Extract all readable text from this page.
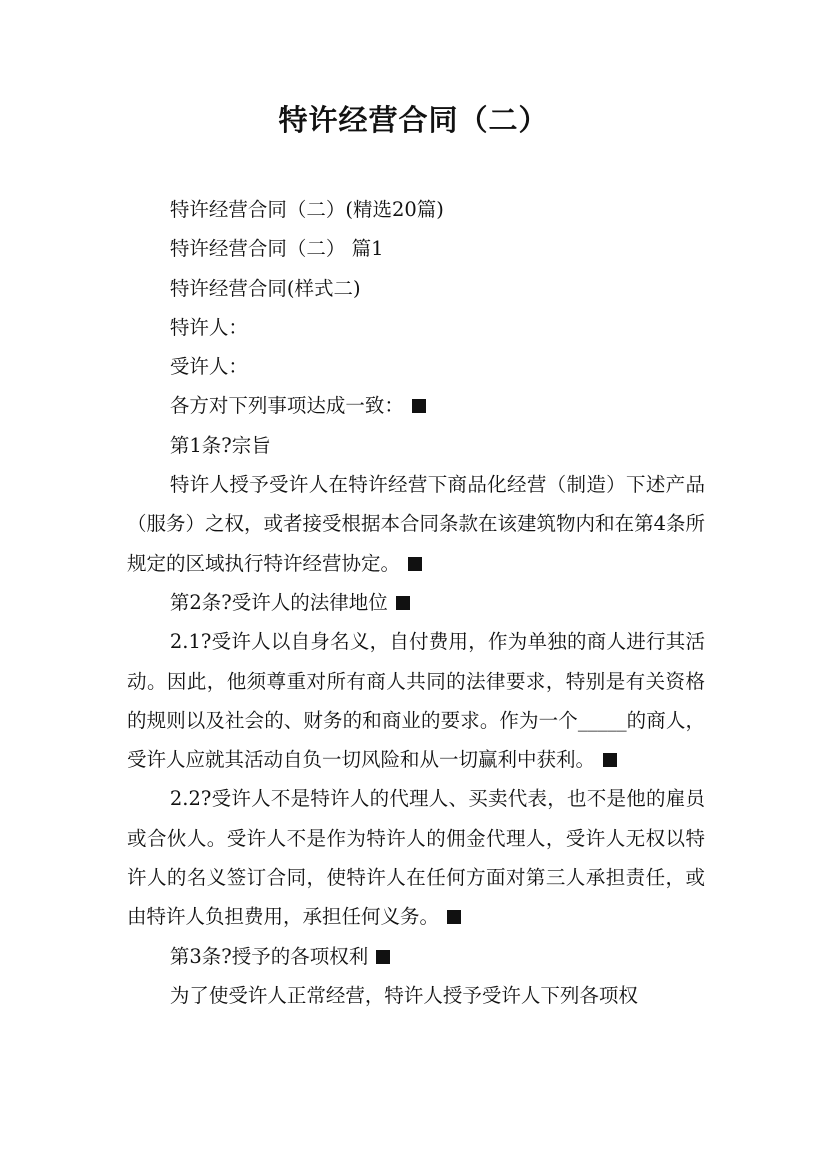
特许经营合同（二）

特许经营合同（二）(精选20篇)

特许经营合同（二） 篇1

特许经营合同(样式二)

特许人：

受许人：

各方对下列事项达成一致：

第1条?宗旨

特许人授予受许人在特许经营下商品化经营（制造）下述产品（服务）之权，或者接受根据本合同条款在该建筑物内和在第4条所规定的区域执行特许经营协定。

第2条?受许人的法律地位

2.1?受许人以自身名义，自付费用，作为单独的商人进行其活动。因此，他须尊重对所有商人共同的法律要求，特别是有关资格的规则以及社会的、财务的和商业的要求。作为一个_____的商人，受许人应就其活动自负一切风险和从一切赢利中获利。

2.2?受许人不是特许人的代理人、买卖代表，也不是他的雇员或合伙人。受许人不是作为特许人的佣金代理人，受许人无权以特许人的名义签订合同，使特许人在任何方面对第三人承担责任，或由特许人负担费用，承担任何义务。

第3条?授予的各项权利

为了使受许人正常经营，特许人授予受许人下列各项权
